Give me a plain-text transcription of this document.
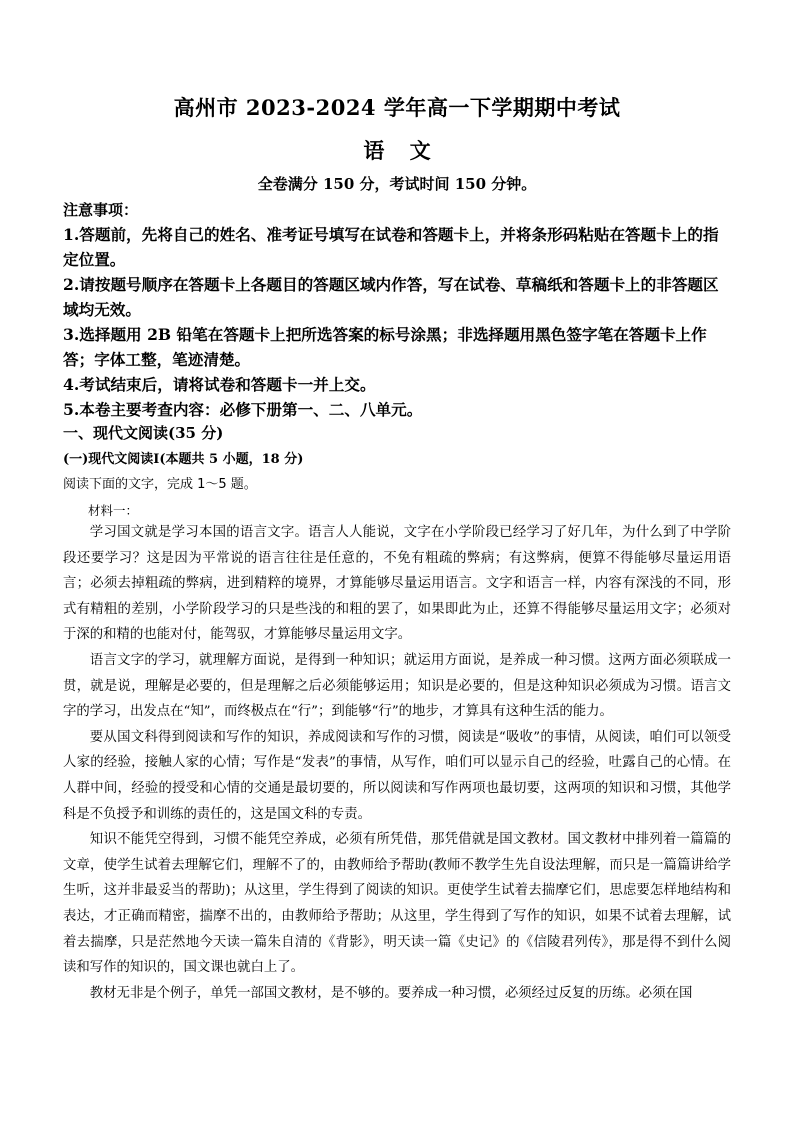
高州市 2023-2024 学年高一下学期期中考试
语 文
全卷满分 150 分，考试时间 150 分钟。
注意事项：
1.答题前，先将自己的姓名、准考证号填写在试卷和答题卡上，并将条形码粘贴在答题卡上的指定位置。
2.请按题号顺序在答题卡上各题目的答题区域内作答，写在试卷、草稿纸和答题卡上的非答题区域均无效。
3.选择题用 2B 铅笔在答题卡上把所选答案的标号涂黑；非选择题用黑色签字笔在答题卡上作答；字体工整，笔迹清楚。
4.考试结束后，请将试卷和答题卡一并上交。
5.本卷主要考查内容：必修下册第一、二、八单元。
一、现代文阅读(35 分)
(一)现代文阅读Ⅰ(本题共 5 小题，18 分)
阅读下面的文字，完成 1～5 题。
材料一：

学习国文就是学习本国的语言文字。语言人人能说，文字在小学阶段已经学习了好几年，为什么到了中学阶段还要学习？这是因为平常说的语言往往是任意的，不免有粗疏的弊病；有这弊病，便算不得能够尽量运用语言；必须去掉粗疏的弊病，进到精粹的境界，才算能够尽量运用语言。文字和语言一样，内容有深浅的不同，形式有精粗的差别，小学阶段学习的只是些浅的和粗的罢了，如果即此为止，还算不得能够尽量运用文字；必须对于深的和精的也能对付，能驾驭，才算能够尽量运用文字。

语言文字的学习，就理解方面说，是得到一种知识；就运用方面说，是养成一种习惯。这两方面必须联成一贯，就是说，理解是必要的，但是理解之后必须能够运用；知识是必要的，但是这种知识必须成为习惯。语言文字的学习，出发点在“知”，而终极点在“行”；到能够“行”的地步，才算具有这种生活的能力。

要从国文科得到阅读和写作的知识，养成阅读和写作的习惯，阅读是“吸收”的事情，从阅读，咱们可以领受人家的经验，接触人家的心情；写作是“发表”的事情，从写作，咱们可以显示自己的经验，吐露自己的心情。在人群中间，经验的授受和心情的交通是最切要的，所以阅读和写作两项也最切要，这两项的知识和习惯，其他学科是不负授予和训练的责任的，这是国文科的专责。

知识不能凭空得到，习惯不能凭空养成，必须有所凭借，那凭借就是国文教材。国文教材中排列着一篇篇的文章，使学生试着去理解它们，理解不了的，由教师给予帮助(教师不教学生先自设法理解，而只是一篇篇讲给学生听，这并非最妥当的帮助)；从这里，学生得到了阅读的知识。更使学生试着去揣摩它们，思虑要怎样地结构和表达，才正确而精密，揣摩不出的，由教师给予帮助；从这里，学生得到了写作的知识，如果不试着去理解，试着去揣摩，只是茫然地今天读一篇朱自清的《背影》，明天读一篇《史记》的《信陵君列传》，那是得不到什么阅读和写作的知识的，国文课也就白上了。

教材无非是个例子，单凭一部国文教材，是不够的。要养成一种习惯，必须经过反复的历练。必须在国
